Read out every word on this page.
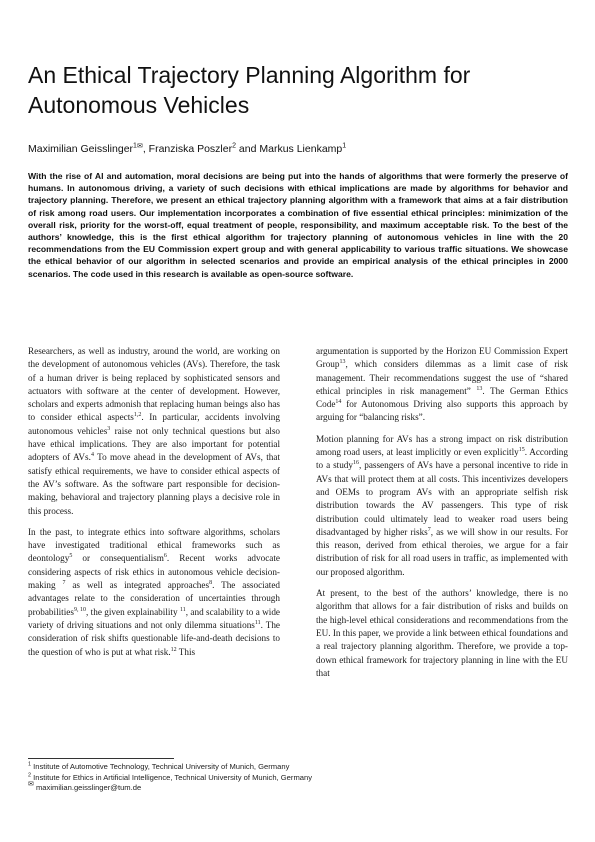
An Ethical Trajectory Planning Algorithm for Autonomous Vehicles
Maximilian Geisslinger$^1$✉, Franziska Poszler$^2$ and Markus Lienkamp$^1$

With the rise of AI and automation, moral decisions are being put into the hands of algorithms that were formerly the preserve of humans. In autonomous driving, a variety of such decisions with ethical implications are made by algorithms for behavior and trajectory planning. Therefore, we present an ethical trajectory planning algorithm with a framework that aims at a fair distribution of risk among road users. Our implementation incorporates a combination of five essential ethical principles: minimization of the overall risk, priority for the worst-off, equal treatment of people, responsibility, and maximum acceptable risk. To the best of the authors’ knowledge, this is the first ethical algorithm for trajectory planning of autonomous vehicles in line with the 20 recommendations from the EU Commission expert group and with general applicability to various traffic situations. We showcase the ethical behavior of our algorithm in selected scenarios and provide an empirical analysis of the ethical principles in 2000 scenarios. The code used in this research is available as open-source software.

Researchers, as well as industry, around the world, are working on the development of autonomous vehicles (AVs). Therefore, the task of a human driver is being replaced by sophisticated sensors and actuators with software at the center of development. However, scholars and experts admonish that replacing human beings also has to consider ethical aspects$^{1,2}$. In particular, accidents involving autonomous vehicles$^3$ raise not only technical questions but also have ethical implications. They are also important for potential adopters of AVs.$^4$ To move ahead in the development of AVs, that satisfy ethical requirements, we have to consider ethical aspects of the AV’s software. As the software part responsible for decision-making, behavioral and trajectory planning plays a decisive role in this process.

In the past, to integrate ethics into software algorithms, scholars have investigated traditional ethical frameworks such as deontology$^5$ or consequentialism$^6$. Recent works advocate considering aspects of risk ethics in autonomous vehicle decision-making $^7$ as well as integrated approaches$^8$. The associated advantages relate to the consideration of uncertainties through probabilities$^{9, 10}$, the given explainability $^{11}$, and scalability to a wide variety of driving situations and not only dilemma situations$^{11}$. The consideration of risk shifts questionable life-and-death decisions to the question of who is put at what risk.$^{12}$ This

argumentation is supported by the Horizon EU Commission Expert Group$^{13}$, which considers dilemmas as a limit case of risk management. Their recommendations suggest the use of “shared ethical principles in risk management” $^{13}$. The German Ethics Code$^{14}$ for Autonomous Driving also supports this approach by arguing for “balancing risks”.

Motion planning for AVs has a strong impact on risk distribution among road users, at least implicitly or even explicitly$^{15}$. According to a study$^{16}$, passengers of AVs have a personal incentive to ride in AVs that will protect them at all costs. This incentivizes developers and OEMs to program AVs with an appropriate selfish risk distribution towards the AV passengers. This type of risk distribution could ultimately lead to weaker road users being disadvantaged by higher risks$^7$, as we will show in our results. For this reason, derived from ethical theroies, we argue for a fair distribution of risk for all road users in traffic, as implemented with our proposed algorithm.

At present, to the best of the authors’ knowledge, there is no algorithm that allows for a fair distribution of risks and builds on the high-level ethical considerations and recommendations from the EU. In this paper, we provide a link between ethical foundations and a real trajectory planning algorithm. Therefore, we provide a top-down ethical framework for trajectory planning in line with the EU that

$^1$ Institute of Automotive Technology, Technical University of Munich, Germany
$^2$ Institute for Ethics in Artificial Intelligence, Technical University of Munich, Germany
✉ maximilian.geisslinger@tum.de
